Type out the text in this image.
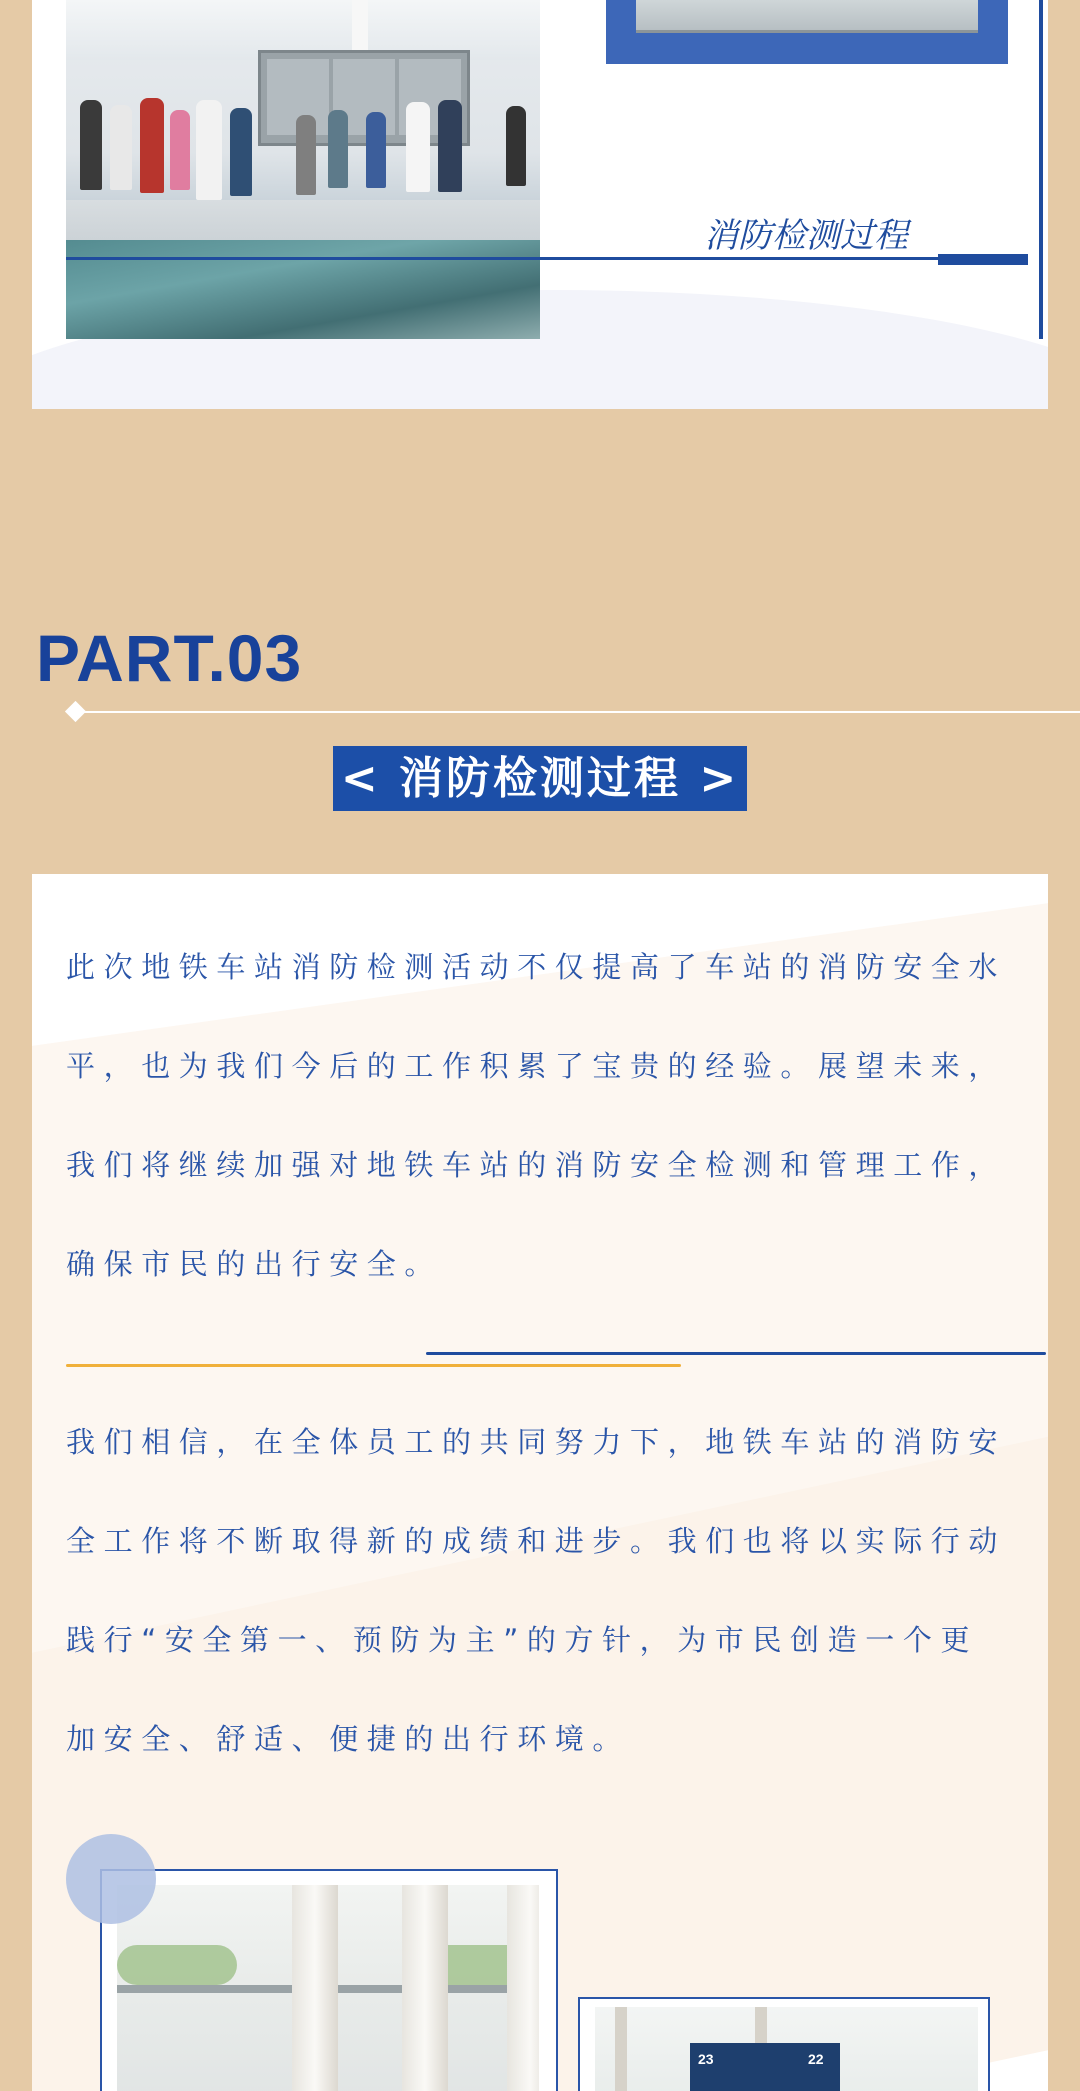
消防检测过程
PART.03
< 消防检测过程 >
此次地铁车站消防检测活动不仅提高了车站的消防安全水
平，也为我们今后的工作积累了宝贵的经验。展望未来，
我们将继续加强对地铁车站的消防安全检测和管理工作，
确保市民的出行安全。
我们相信，在全体员工的共同努力下，地铁车站的消防安
全工作将不断取得新的成绩和进步。我们也将以实际行动
践行“安全第一、预防为主”的方针，为市民创造一个更
加安全、舒适、便捷的出行环境。
23	22
